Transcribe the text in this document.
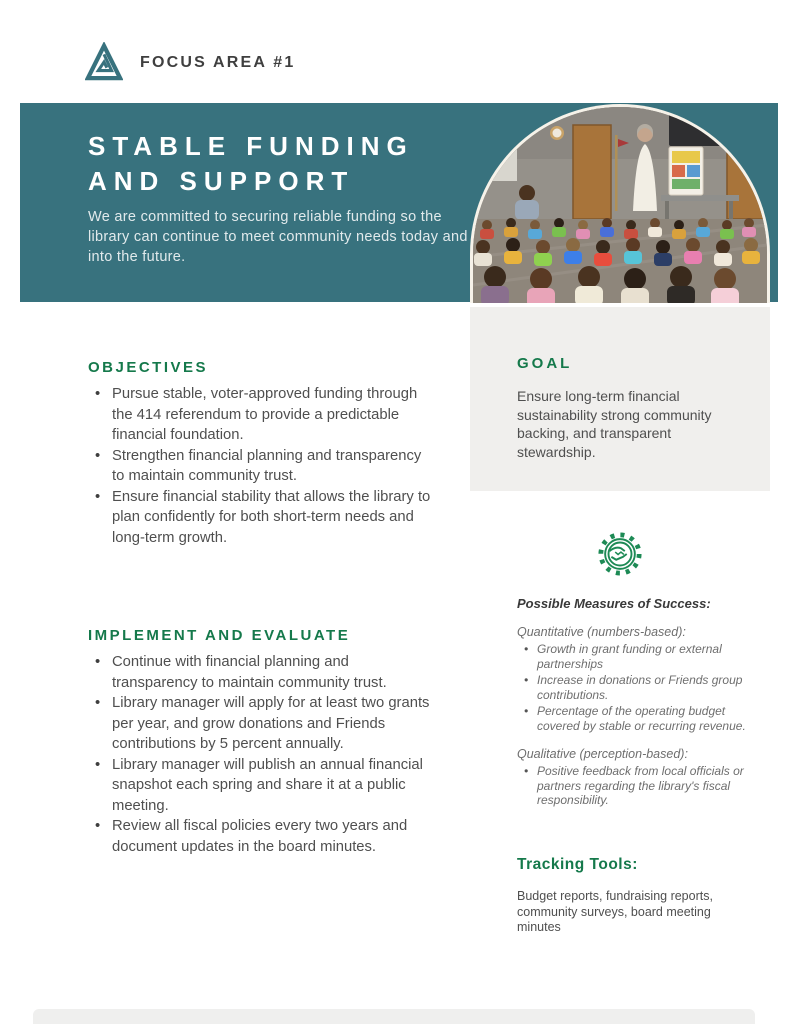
FOCUS AREA #1
STABLE FUNDING
AND SUPPORT
We are committed to securing reliable funding so the library can continue to meet community needs today and into the future.
GOAL
Ensure long-term financial sustainability strong community backing, and transparent stewardship.
OBJECTIVES
• Pursue stable, voter-approved funding through the 414 referendum to provide a predictable financial foundation.
• Strengthen financial planning and transparency to maintain community trust.
• Ensure financial stability that allows the library to plan confidently for both short-term needs and long-term growth.
IMPLEMENT AND EVALUATE
• Continue with financial planning and transparency to maintain community trust.
• Library manager will apply for at least two grants per year, and grow donations and Friends contributions by 5 percent annually.
• Library manager will publish an annual financial snapshot each spring and share it at a public meeting.
• Review all fiscal policies every two years and document updates in the board minutes.
Possible Measures of Success:
Quantitative (numbers-based):
• Growth in grant funding or external partnerships
• Increase in donations or Friends group contributions.
• Percentage of the operating budget covered by stable or recurring revenue.
Qualitative (perception-based):
• Positive feedback from local officials or partners regarding the library's fiscal responsibility.
Tracking Tools:
Budget reports, fundraising reports, community surveys, board meeting minutes
